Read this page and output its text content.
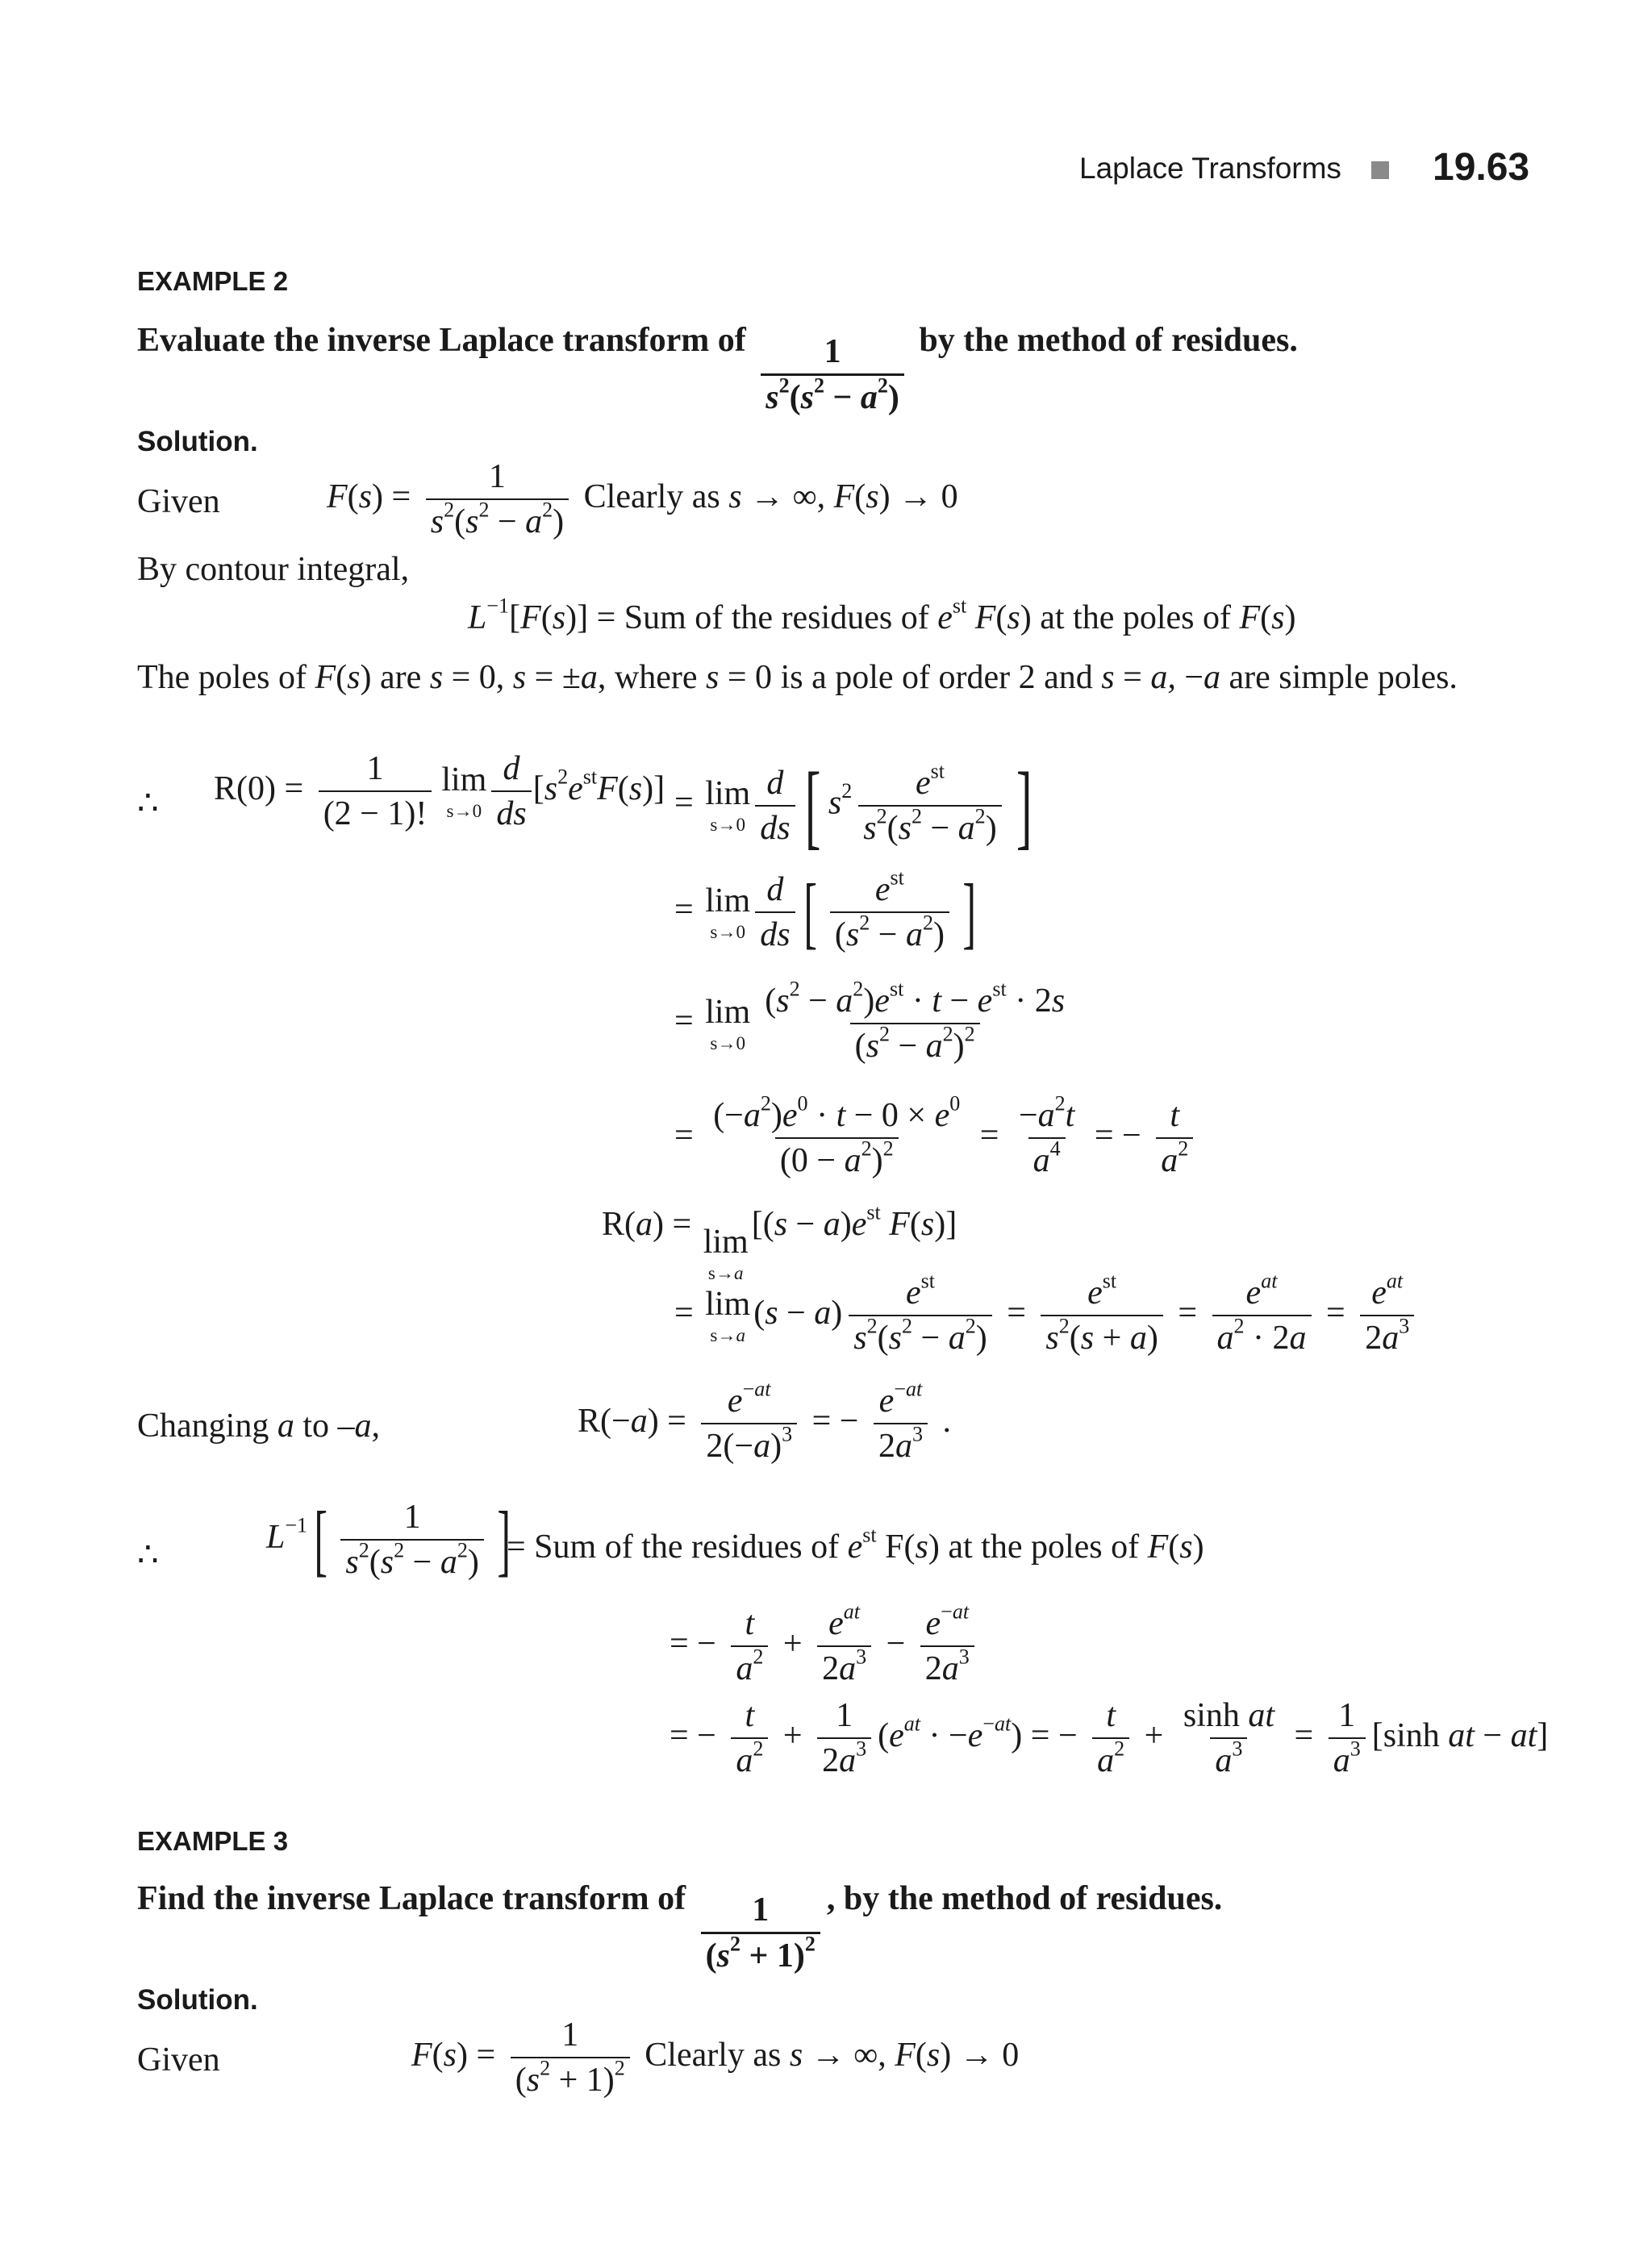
Laplace Transforms 19.63
EXAMPLE 2
Evaluate the inverse Laplace transform of $\frac{1}{s^2(s^2 - a^2)}$ by the method of residues.
Solution.
Given	$F(s) = \frac{1}{s^2(s^2 - a^2)}$ Clearly as s → ∞, F(s) → 0
By contour integral,
$L^{-1}[F(s)]$ = Sum of the residues of $e^{st}$ F(s) at the poles of F(s)
The poles of F(s) are s = 0, s = ±a, where s = 0 is a pole of order 2 and s = a, −a are simple poles.
∴ $R(0) = \frac{1}{(2 - 1)!}$ lim
$s\to 0 \frac{d}{ds} [s^2e^{st}F(s)] = \lim$
$s\to 0 \frac{d}{ds}$ [ $s^2 \frac{e^{st}}{s^2(s^2 - a^2)}$ ]
= lim
$s\to 0 \frac{d}{ds}$ [ $\frac{e^{st}}{(s^2 - a^2)}$ ]
= lim
$s\to 0 \frac{(s^2 - a^2)e^{st} \cdot t - e^{st} \cdot 2s}{(s^2 - a^2)^2}$
= $\frac{(-a^2)e^0 \cdot t - 0 \times e^0}{(0 - a^2)^2} = \frac{-a^2t}{a^4}$ = − $\frac{t}{a^2}$
R(a) = lim
s→a
[$(s - a)e^{st}$ F(s)]
= lim
s→a
$(s - a) \frac{e^{st}}{s^2(s^2 - a^2)} = \frac{e^{st}}{s^2(s + a)} = \frac{e^{at}}{a^2 \cdot 2a} = \frac{e^{at}}{2a^3}$
Changing a to –a,	$R(-a) = \frac{e^{-at}}{2(-a)^3}$ = − $\frac{e^{-at}}{2a^3}$ .
∴	$L^{-1}[ \frac{1}{s^2(s^2 - a^2)}$ ]
= Sum of the residues of $e^{st}$ F(s) at the poles of F(s)
= − $\frac{t}{a^2} + \frac{e^{at}}{2a^3} - \frac{e^{-at}}{2a^3}$
= − $\frac{t}{a^2} + \frac{1}{2a^3} (e^{at} \cdot -e^{-at})$ = − $\frac{t}{a^2} + \frac{\text{sinh at}}{a^3} = \frac{1}{a^3} [\sinh$ at − at]
EXAMPLE 3
Find the inverse Laplace transform of $\frac{1}{(s^2 + 1)^2}$ , by the method of residues.
Solution.
Given	$F(s) = \frac{1}{(s^2 + 1)^2}$ Clearly as s → ∞, F(s) → 0
